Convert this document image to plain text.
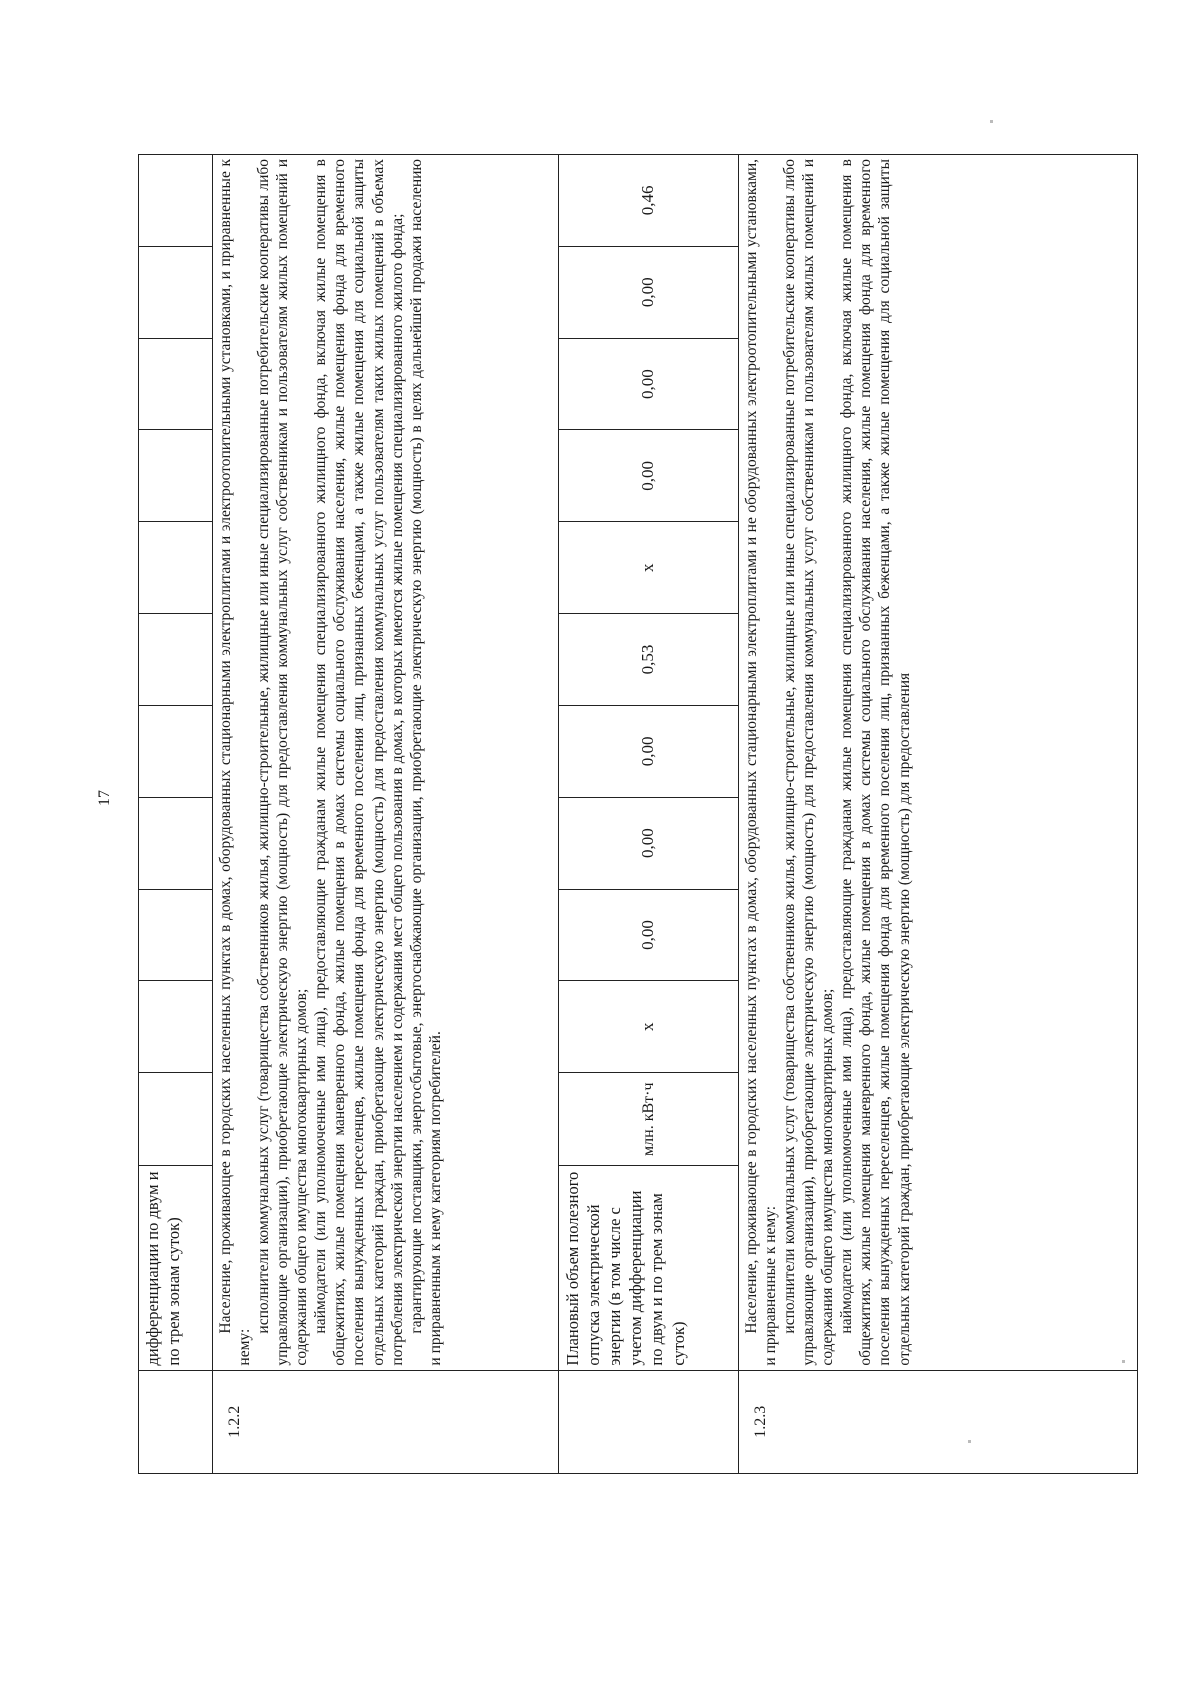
17
	дифференциации по двум и по трем зонам суток)											
1.2.2	Население, проживающее в городских населенных пунктах в домах, оборудованных стационарными электроплитами и электроотопительными установками, и приравненные к нему:

исполнители коммунальных услуг (товарищества собственников жилья, жилищно-строительные, жилищные или иные специализированные потребительские кооперативы либо управляющие организации), приобретающие электрическую энергию (мощность) для предоставления коммунальных услуг собственникам и пользователям жилых помещений и содержания общего имущества многоквартирных домов; наймодатели (или уполномоченные ими лица), предоставляющие гражданам жилые помещения специализированного жилищного фонда, включая жилые помещения в общежитиях, жилые помещения маневренного фонда, жилые помещения в домах системы социального обслуживания населения, жилые помещения фонда для временного поселения вынужденных переселенцев, жилые помещения фонда для временного поселения лиц, признанных беженцами, а также жилые помещения для социальной защиты отдельных категорий граждан, приобретающие электрическую энергию (мощность) для предоставления коммунальных услуг пользователям таких жилых помещений в объемах потребления электрической энергии населением и содержания мест общего пользования в домах, в которых имеются жилые помещения специализированного жилого фонда; гарантирующие поставщики, энергосбытовые, энергоснабжающие организации, приобретающие электрическую энергию (мощность) в целях дальнейшей продажи населению и приравненным к нему категориям потребителей.											

	Плановый объем полезного отпуска электрической энергии (в том числе с учетом дифференциации по двум и по трем зонам суток)	млн. кВт·ч	x	0,00	0,00	0,00	0,53	x	0,00	0,00	0,00	0,46
1.2.3	Население, проживающее в городских населенных пунктах в домах, оборудованных стационарными электроплитами и не оборудованных электроотопительными установками, и приравненные к нему: исполнители коммунальных услуг (товарищества собственников жилья, жилищно-строительные, жилищные или иные специализированные потребительские кооперативы либо управляющие организации), приобретающие электрическую энергию (мощность) для предоставления коммунальных услуг собственникам и пользователям жилых помещений и содержания общего имущества многоквартирных домов; наймодатели (или уполномоченные ими лица), предоставляющие гражданам жилые помещения специализированного жилищного фонда, включая жилые помещения в общежитиях, жилые помещения маневренного фонда, жилые помещения в домах системы социального обслуживания населения, жилые помещения фонда для временного поселения вынужденных переселенцев, жилые помещения фонда для временного поселения лиц, признанных беженцами, а также жилые помещения для социальной защиты отдельных категорий граждан, приобретающие электрическую энергию (мощность) для предоставления											
